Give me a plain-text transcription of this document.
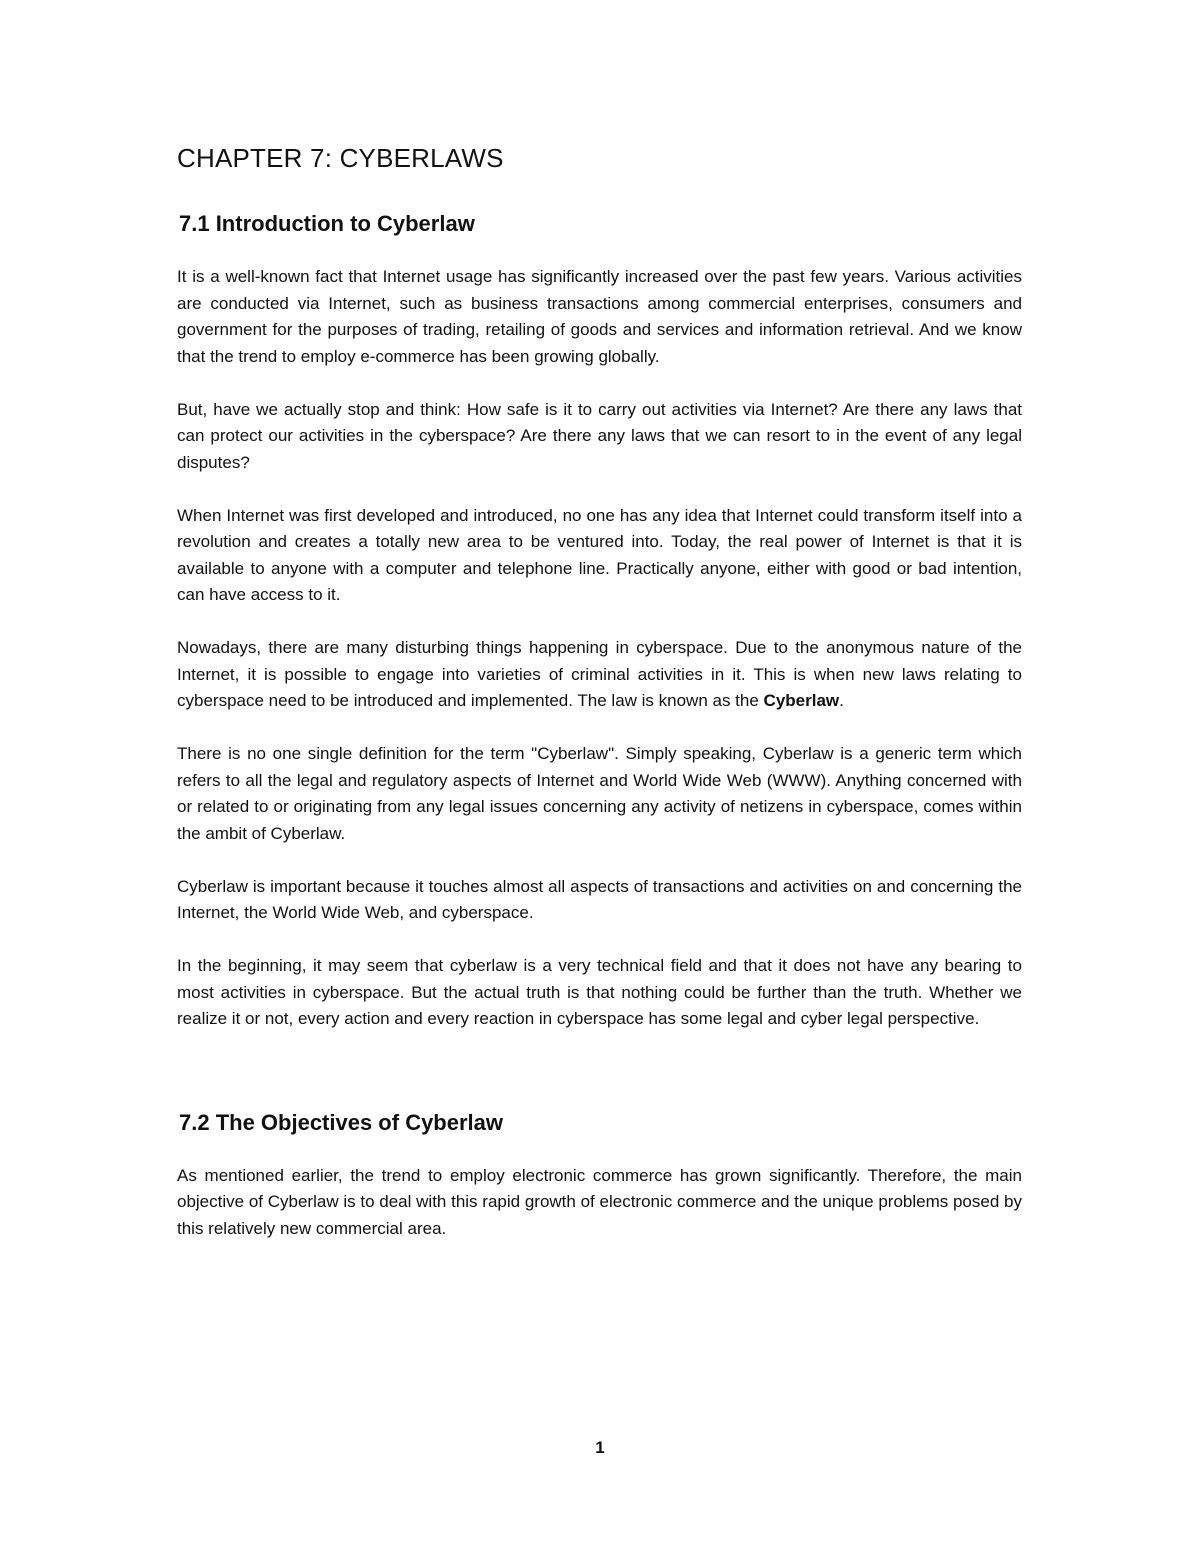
CHAPTER 7: CYBERLAWS
7.1 Introduction to Cyberlaw

It is a well-known fact that Internet usage has significantly increased over the past few years. Various activities are conducted via Internet, such as business transactions among commercial enterprises, consumers and government for the purposes of trading, retailing of goods and services and information retrieval. And we know that the trend to employ e-commerce has been growing globally.

But, have we actually stop and think: How safe is it to carry out activities via Internet? Are there any laws that can protect our activities in the cyberspace? Are there any laws that we can resort to in the event of any legal disputes?

When Internet was first developed and introduced, no one has any idea that Internet could transform itself into a revolution and creates a totally new area to be ventured into. Today, the real power of Internet is that it is available to anyone with a computer and telephone line. Practically anyone, either with good or bad intention, can have access to it.

Nowadays, there are many disturbing things happening in cyberspace. Due to the anonymous nature of the Internet, it is possible to engage into varieties of criminal activities in it. This is when new laws relating to cyberspace need to be introduced and implemented. The law is known as the Cyberlaw.

There is no one single definition for the term "Cyberlaw". Simply speaking, Cyberlaw is a generic term which refers to all the legal and regulatory aspects of Internet and World Wide Web (WWW). Anything concerned with or related to or originating from any legal issues concerning any activity of netizens in cyberspace, comes within the ambit of Cyberlaw.

Cyberlaw is important because it touches almost all aspects of transactions and activities on and concerning the Internet, the World Wide Web, and cyberspace.

In the beginning, it may seem that cyberlaw is a very technical field and that it does not have any bearing to most activities in cyberspace. But the actual truth is that nothing could be further than the truth. Whether we realize it or not, every action and every reaction in cyberspace has some legal and cyber legal perspective.

7.2 The Objectives of Cyberlaw

As mentioned earlier, the trend to employ electronic commerce has grown significantly. Therefore, the main objective of Cyberlaw is to deal with this rapid growth of electronic commerce and the unique problems posed by this relatively new commercial area.

1
